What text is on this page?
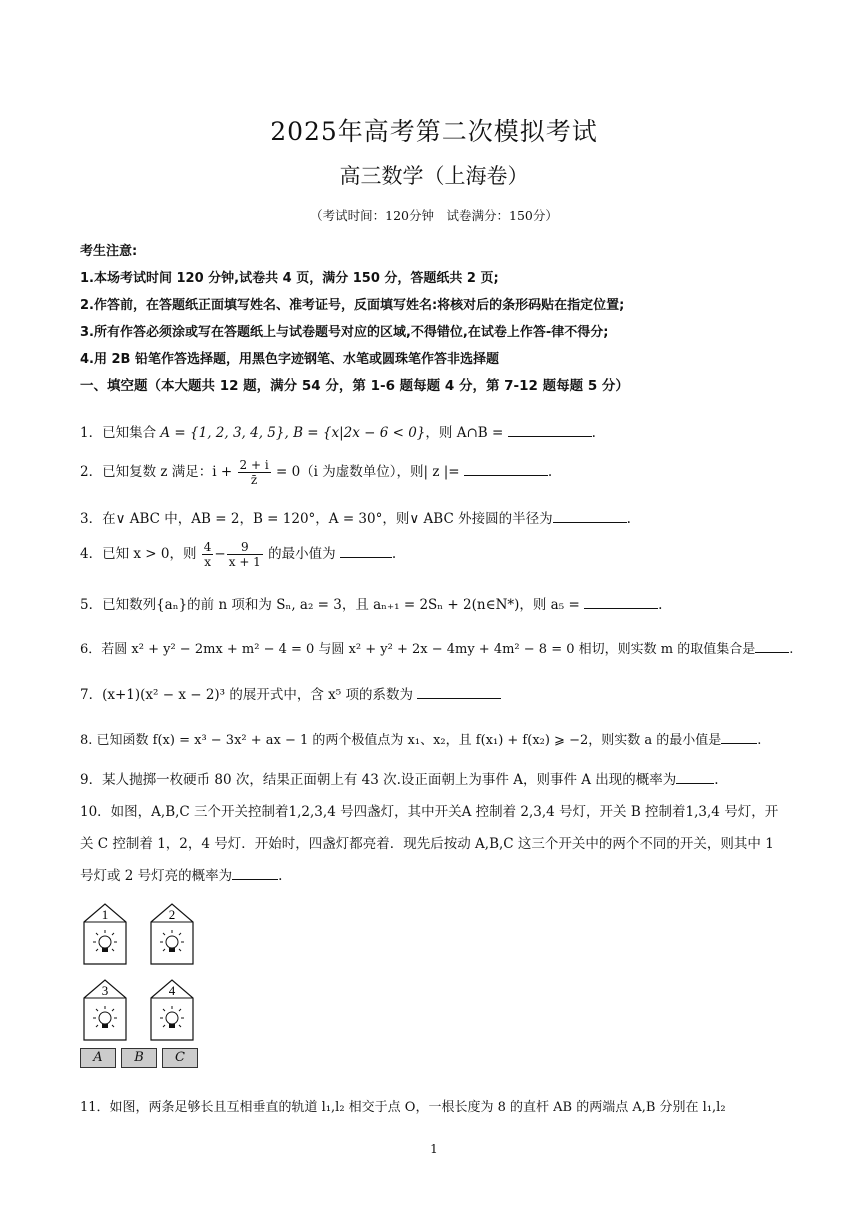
2025年高考第二次模拟考试
高三数学（上海卷）
（考试时间：120分钟　试卷满分：150分）
考生注意:
1.本场考试时间 120 分钟,试卷共 4 页，满分 150 分，答题纸共 2 页;
2.作答前，在答题纸正面填写姓名、准考证号，反面填写姓名:将核对后的条形码贴在指定位置;
3.所有作答必须涂或写在答题纸上与试卷题号对应的区域,不得错位,在试卷上作答-律不得分;
4.用 2B 铅笔作答选择题，用黑色字迹钢笔、水笔或圆珠笔作答非选择题
一、填空题（本大题共 12 题，满分 54 分，第 1-6 题每题 4 分，第 7-12 题每题 5 分）
1．已知集合 A = {1, 2, 3, 4, 5}, B = {x|2x − 6 < 0}，则 A∩B =	.
2．已知复数 z 满足：$i + \frac{2 + i}{z̄} = 0(i$ 为虚数单位），则| z |=	.
3．在∨ ABC 中，AB = 2，B = 120°，A = 30°，则∨ ABC 外接圆的半径为	.
4．已知 x > 0，则 $\frac{4}{x} - \frac{9}{x + 1}$ 的最小值为	.
5．已知数列{aₙ}的前 n 项和为 Sₙ, a₂ = 3，且 aₙ₊₁ = 2Sₙ + 2(n∈N*)，则 a₅ =	.
6．若圆 x² + y² − 2mx + m² − 4 = 0 与圆 x² + y² + 2x − 4my + 4m² − 8 = 0 相切，则实数 m 的取值集合是	.
7．(x+1)(x² − x − 2)³ 的展开式中，含 x⁵ 项的系数为
8. 已知函数 f(x) = x³ − 3x² + ax − 1 的两个极值点为 x₁、x₂，且 f(x₁) + f(x₂) ⩾ −2，则实数 a 的最小值是	.
9．某人抛掷一枚硬币 80 次，结果正面朝上有 43 次.设正面朝上为事件 A，则事件 A 出现的概率为	.
10．如图，A,B,C 三个开关控制着1,2,3,4 号四盏灯，其中开关A 控制着 2,3,4 号灯，开关 B 控制着1,3,4 号灯，开关 C 控制着 1，2，4 号灯．开始时，四盏灯都亮着．现先后按动 A,B,C 这三个开关中的两个不同的开关，则其中 1 号灯或 2 号灯亮的概率为	.
1	2
3	4
A	B	C
11．如图，两条足够长且互相垂直的轨道 l₁,l₂ 相交于点 O，一根长度为 8 的直杆 AB 的两端点 A,B 分别在 l₁,l₂
1
